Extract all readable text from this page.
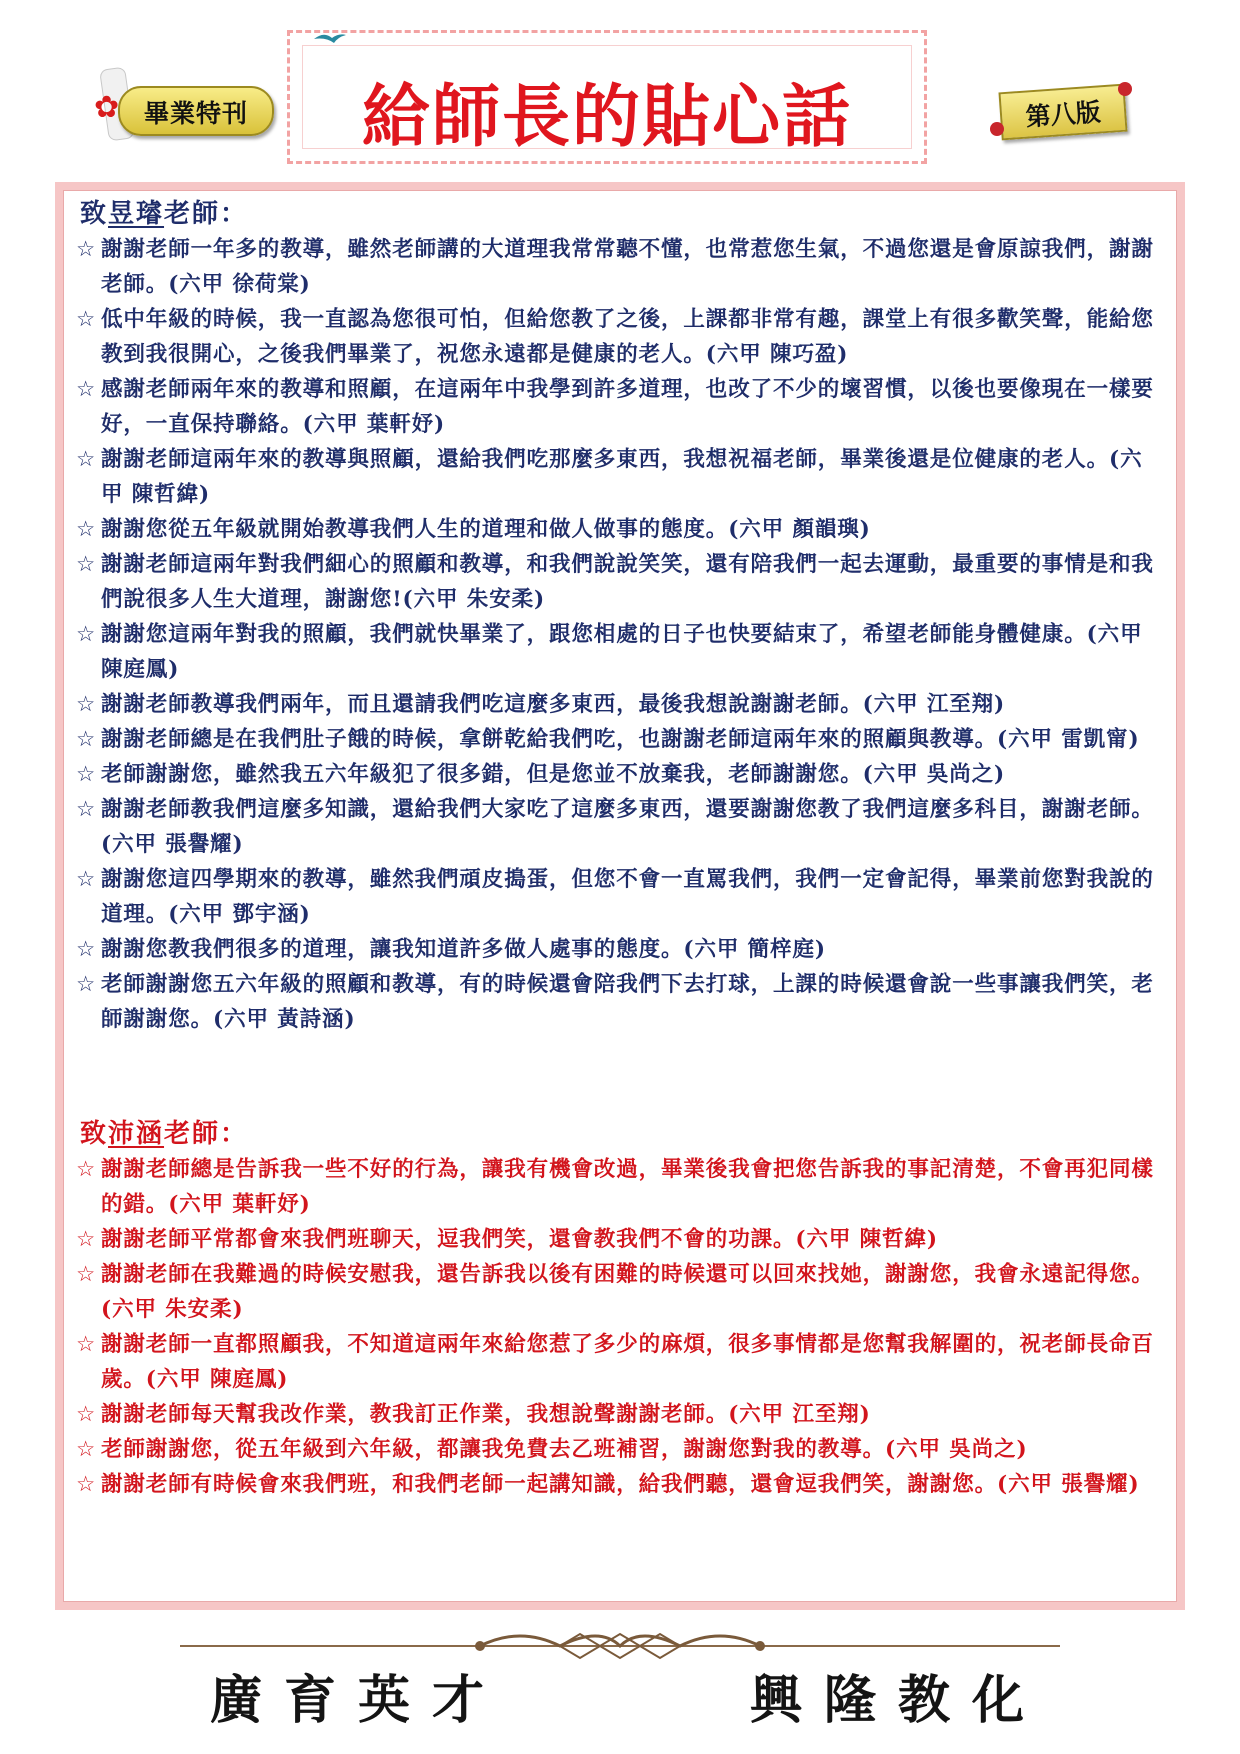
畢業特刊
✿	給師長的貼心話	第八版
致昱璿老師：
☆ 謝謝老師一年多的教導，雖然老師講的大道理我常常聽不懂，也常惹您生氣，不過您還是會原諒我們，謝謝老師。(六甲 徐荷棠)
☆ 低中年級的時候，我一直認為您很可怕，但給您教了之後，上課都非常有趣，課堂上有很多歡笑聲，能給您教到我很開心，之後我們畢業了，祝您永遠都是健康的老人。(六甲 陳巧盈)
☆ 感謝老師兩年來的教導和照顧，在這兩年中我學到許多道理，也改了不少的壞習慣，以後也要像現在一樣要好，一直保持聯絡。(六甲 葉軒妤)
☆ 謝謝老師這兩年來的教導與照顧，還給我們吃那麼多東西，我想祝福老師，畢業後還是位健康的老人。(六甲 陳哲緯)
☆ 謝謝您從五年級就開始教導我們人生的道理和做人做事的態度。(六甲 顏韻璵)
☆ 謝謝老師這兩年對我們細心的照顧和教導，和我們說說笑笑，還有陪我們一起去運動，最重要的事情是和我們說很多人生大道理，謝謝您!(六甲 朱安柔)
☆ 謝謝您這兩年對我的照顧，我們就快畢業了，跟您相處的日子也快要結束了，希望老師能身體健康。(六甲 陳庭鳳)
☆ 謝謝老師教導我們兩年，而且還請我們吃這麼多東西，最後我想說謝謝老師。(六甲 江至翔)
☆ 謝謝老師總是在我們肚子餓的時候，拿餅乾給我們吃，也謝謝老師這兩年來的照顧與教導。(六甲 雷凱甯)
☆ 老師謝謝您，雖然我五六年級犯了很多錯，但是您並不放棄我，老師謝謝您。(六甲 吳尚之)
☆ 謝謝老師教我們這麼多知識，還給我們大家吃了這麼多東西，還要謝謝您教了我們這麼多科目，謝謝老師。(六甲 張譽耀)
☆ 謝謝您這四學期來的教導，雖然我們頑皮搗蛋，但您不會一直罵我們，我們一定會記得，畢業前您對我說的道理。(六甲 鄧宇涵)
☆ 謝謝您教我們很多的道理，讓我知道許多做人處事的態度。(六甲 簡梓庭)
☆ 老師謝謝您五六年級的照顧和教導，有的時候還會陪我們下去打球，上課的時候還會說一些事讓我們笑，老師謝謝您。(六甲 黃詩涵)
致沛涵老師：
☆ 謝謝老師總是告訴我一些不好的行為，讓我有機會改過，畢業後我會把您告訴我的事記清楚，不會再犯同樣的錯。(六甲 葉軒妤)
☆ 謝謝老師平常都會來我們班聊天，逗我們笑，還會教我們不會的功課。(六甲 陳哲緯)
☆ 謝謝老師在我難過的時候安慰我，還告訴我以後有困難的時候還可以回來找她，謝謝您，我會永遠記得您。(六甲 朱安柔)
☆ 謝謝老師一直都照顧我，不知道這兩年來給您惹了多少的麻煩，很多事情都是您幫我解圍的，祝老師長命百歲。(六甲 陳庭鳳)
☆ 謝謝老師每天幫我改作業，教我訂正作業，我想說聲謝謝老師。(六甲 江至翔)
☆ 老師謝謝您，從五年級到六年級，都讓我免費去乙班補習，謝謝您對我的教導。(六甲 吳尚之)
☆ 謝謝老師有時候會來我們班，和我們老師一起講知識，給我們聽，還會逗我們笑，謝謝您。(六甲 張譽耀)
廣育英才	興隆教化
